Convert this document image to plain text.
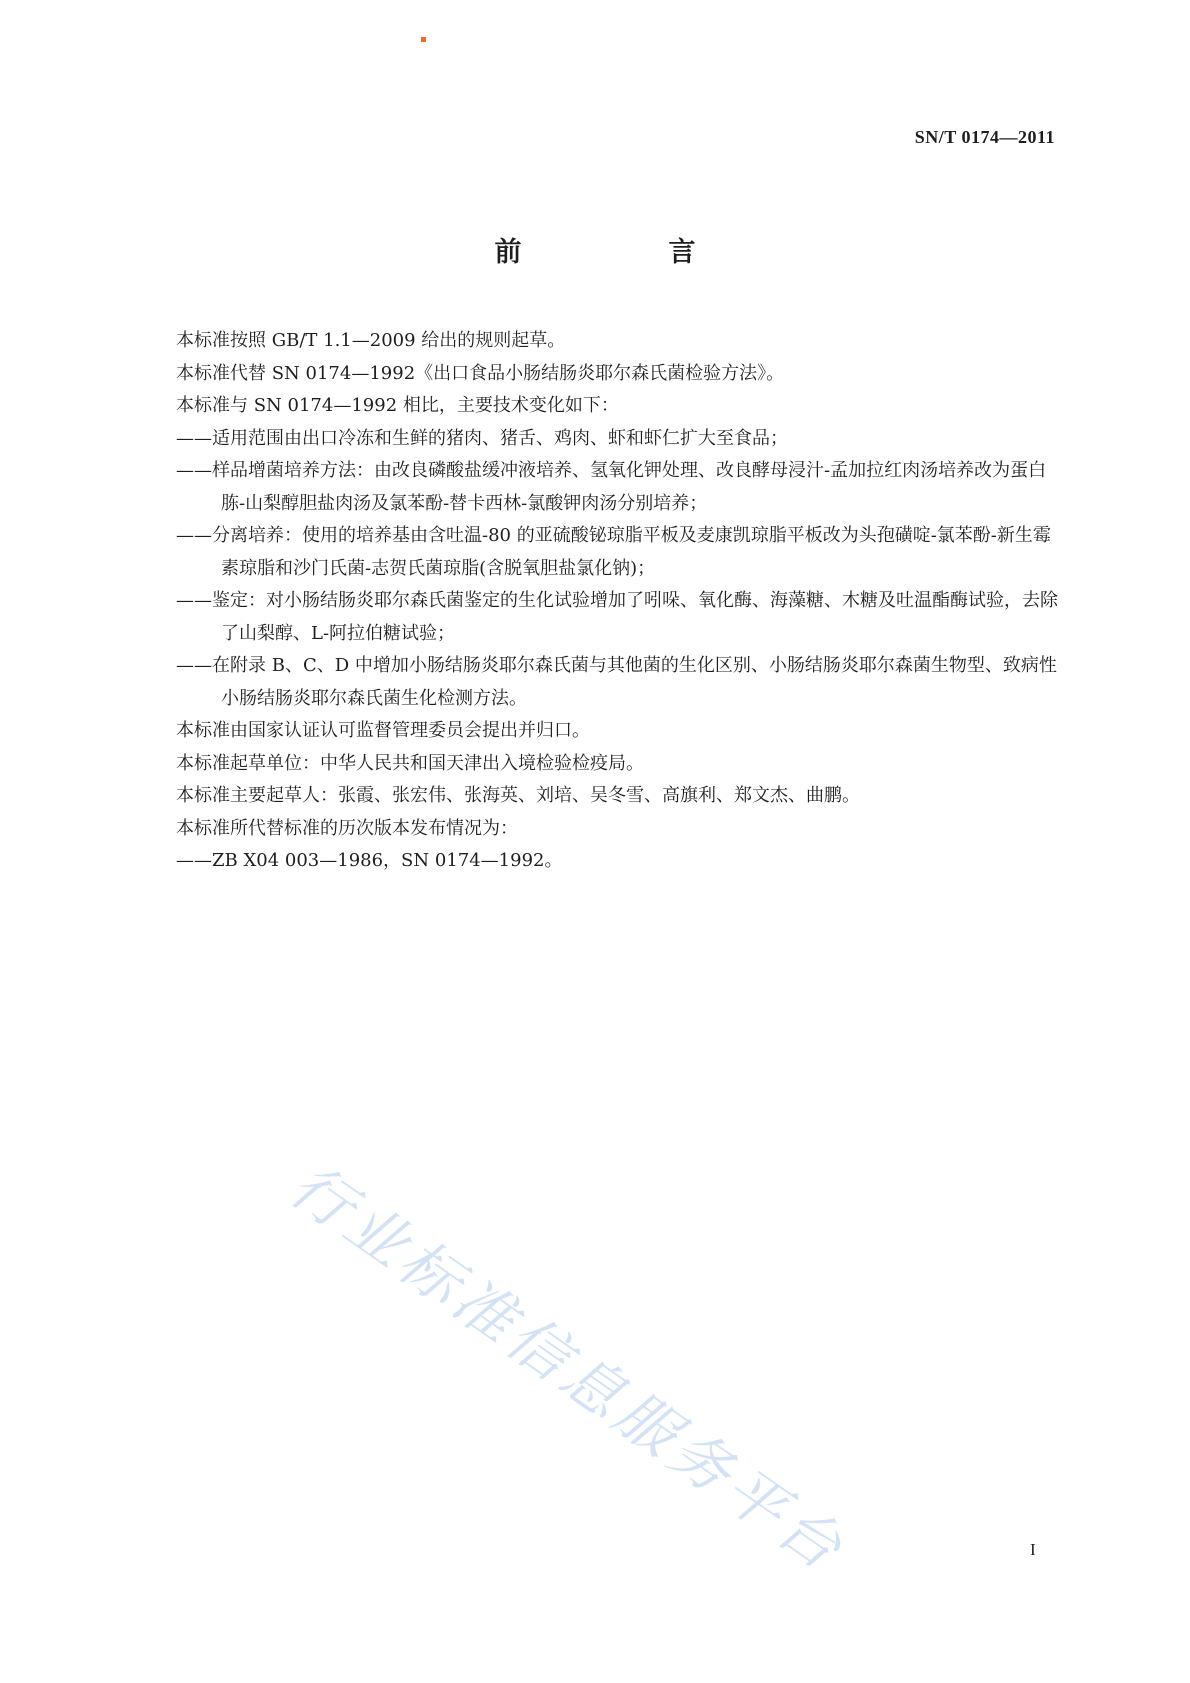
SN/T 0174—2011
前　言

本标准按照 GB/T 1.1—2009 给出的规则起草。

本标准代替 SN 0174—1992《出口食品小肠结肠炎耶尔森氏菌检验方法》。

本标准与 SN 0174—1992 相比，主要技术变化如下：

——适用范围由出口冷冻和生鲜的猪肉、猪舌、鸡肉、虾和虾仁扩大至食品；

——样品增菌培养方法：由改良磷酸盐缓冲液培养、氢氧化钾处理、改良酵母浸汁-孟加拉红肉汤培养改为蛋白胨-山梨醇胆盐肉汤及氯苯酚-替卡西林-氯酸钾肉汤分别培养；

——分离培养：使用的培养基由含吐温-80 的亚硫酸铋琼脂平板及麦康凯琼脂平板改为头孢磺啶-氯苯酚-新生霉素琼脂和沙门氏菌-志贺氏菌琼脂(含脱氧胆盐氯化钠)；

——鉴定：对小肠结肠炎耶尔森氏菌鉴定的生化试验增加了吲哚、氧化酶、海藻糖、木糖及吐温酯酶试验，去除了山梨醇、L-阿拉伯糖试验；

——在附录 B、C、D 中增加小肠结肠炎耶尔森氏菌与其他菌的生化区别、小肠结肠炎耶尔森菌生物型、致病性小肠结肠炎耶尔森氏菌生化检测方法。

本标准由国家认证认可监督管理委员会提出并归口。

本标准起草单位：中华人民共和国天津出入境检验检疫局。

本标准主要起草人：张霞、张宏伟、张海英、刘培、吴冬雪、高旗利、郑文杰、曲鹏。

本标准所代替标准的历次版本发布情况为：

——ZB X04 003—1986，SN 0174—1992。

行业标准信息服务平台	I
